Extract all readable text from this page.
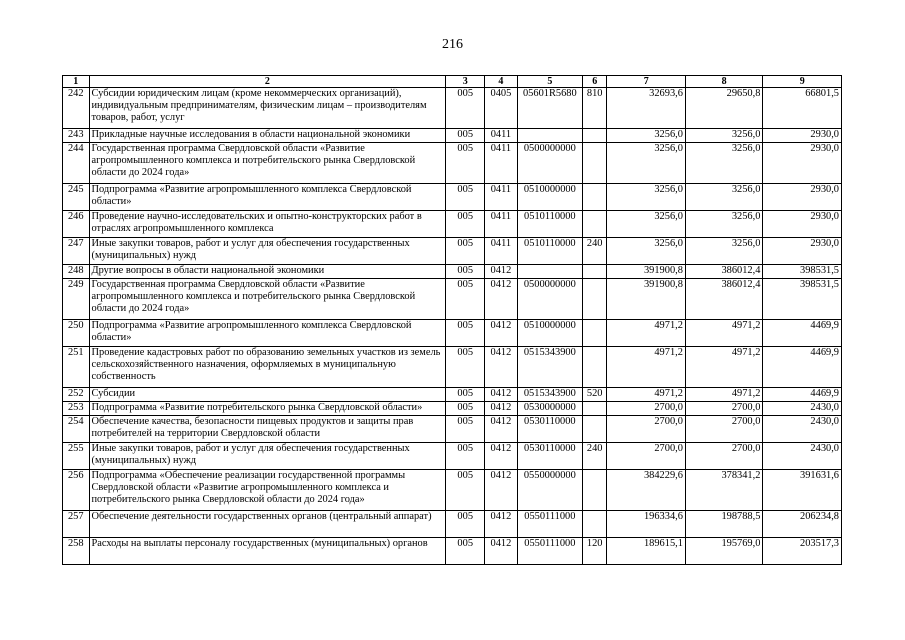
216
1	2	3	4	5	6	7	8	9
242	Субсидии юридическим лицам (кроме некоммерческих организаций), индивидуальным предпринимателям, физическим лицам – производителям товаров, работ, услуг	005	0405	05601R5680	810	32693,6	29650,8	66801,5
243	Прикладные научные исследования в области национальной экономики	005	0411			3256,0	3256,0	2930,0
244	Государственная программа Свердловской области «Развитие агропромышленного комплекса и потребительского рынка Свердловской области до 2024 года»	005	0411	0500000000		3256,0	3256,0	2930,0
245	Подпрограмма «Развитие агропромышленного комплекса Свердловской области»	005	0411	0510000000		3256,0	3256,0	2930,0
246	Проведение научно-исследовательских и опытно-конструкторских работ в отраслях агропромышленного комплекса	005	0411	0510110000		3256,0	3256,0	2930,0
247	Иные закупки товаров, работ и услуг для обеспечения государственных (муниципальных) нужд	005	0411	0510110000	240	3256,0	3256,0	2930,0
248	Другие вопросы в области национальной экономики	005	0412			391900,8	386012,4	398531,5
249	Государственная программа Свердловской области «Развитие агропромышленного комплекса и потребительского рынка Свердловской области до 2024 года»	005	0412	0500000000		391900,8	386012,4	398531,5
250	Подпрограмма «Развитие агропромышленного комплекса Свердловской области»	005	0412	0510000000		4971,2	4971,2	4469,9
251	Проведение кадастровых работ по образованию земельных участков из земель сельскохозяйственного назначения, оформляемых в муниципальную собственность	005	0412	0515343900		4971,2	4971,2	4469,9
252	Субсидии	005	0412	0515343900	520	4971,2	4971,2	4469,9
253	Подпрограмма «Развитие потребительского рынка Свердловской области»	005	0412	0530000000		2700,0	2700,0	2430,0
254	Обеспечение качества, безопасности пищевых продуктов и защиты прав потребителей на территории Свердловской области	005	0412	0530110000		2700,0	2700,0	2430,0
255	Иные закупки товаров, работ и услуг для обеспечения государственных (муниципальных) нужд	005	0412	0530110000	240	2700,0	2700,0	2430,0
256	Подпрограмма «Обеспечение реализации государственной программы Свердловской области «Развитие агропромышленного комплекса и потребительского рынка Свердловской области до 2024 года»	005	0412	0550000000		384229,6	378341,2	391631,6
257	Обеспечение деятельности государственных органов (центральный аппарат)	005	0412	0550111000		196334,6	198788,5	206234,8
258	Расходы на выплаты персоналу государственных (муниципальных) органов	005	0412	0550111000	120	189615,1	195769,0	203517,3
